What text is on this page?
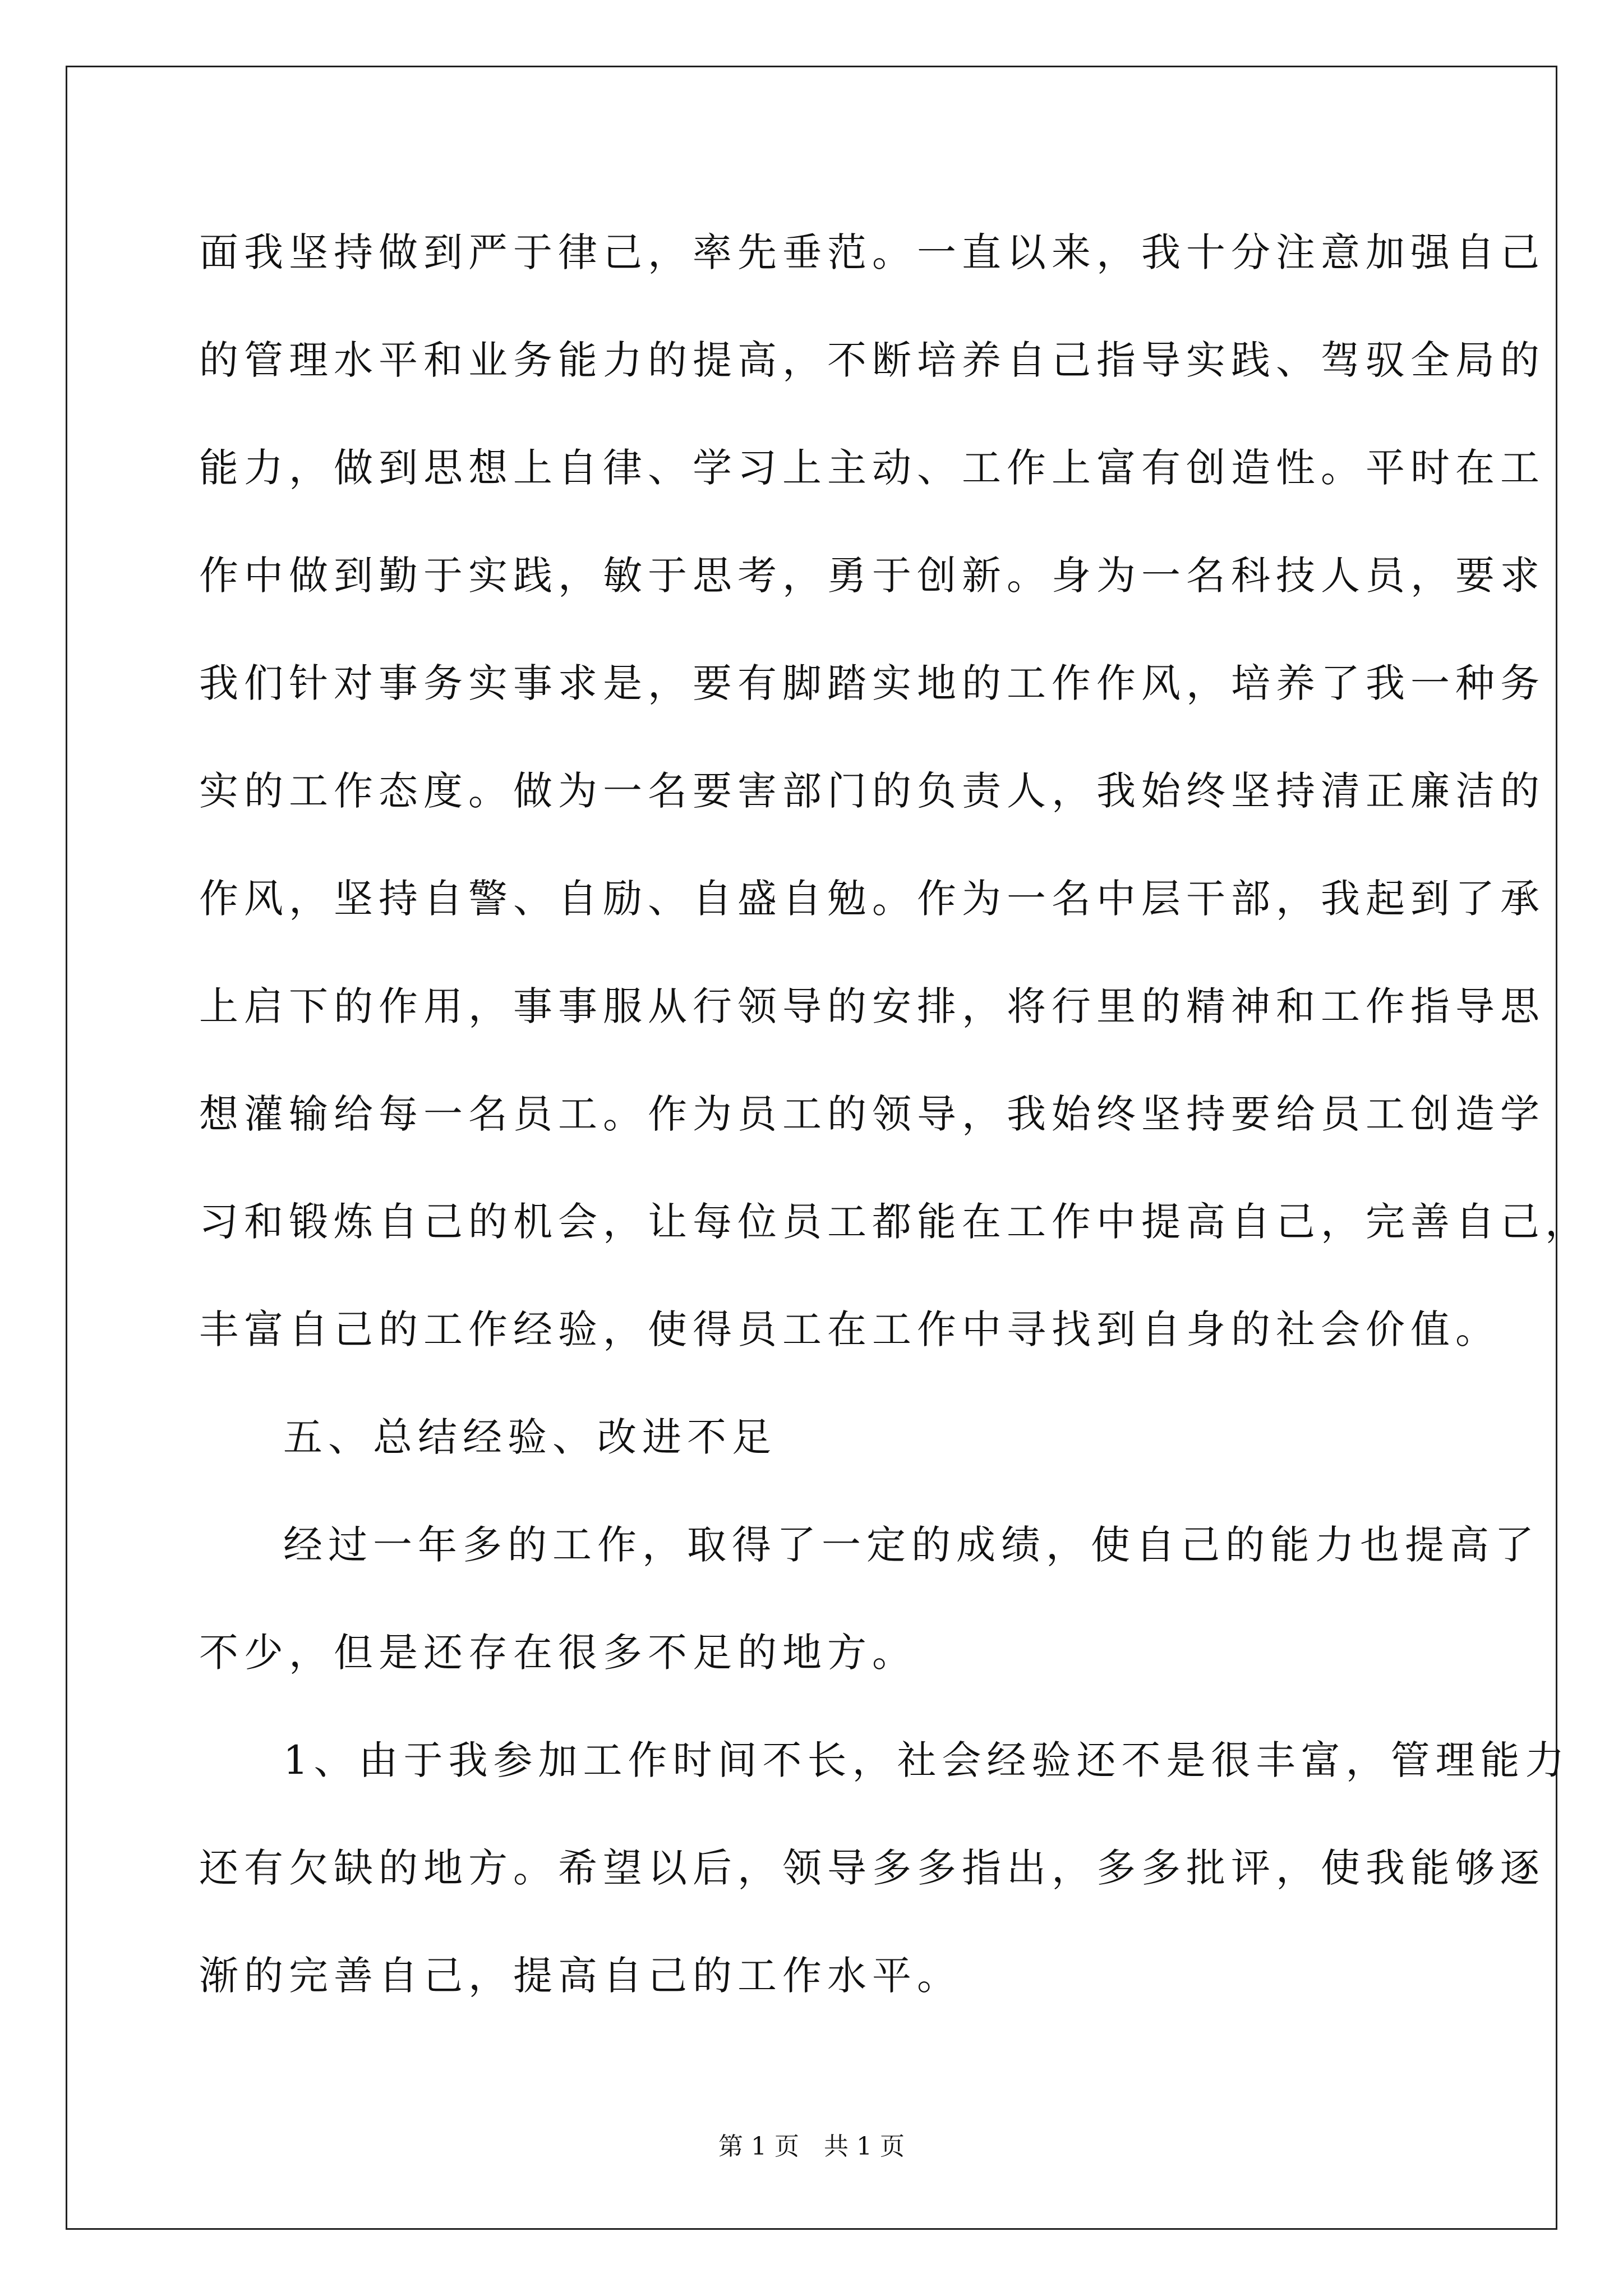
面我坚持做到严于律己，率先垂范。一直以来，我十分注意加强自己
的管理水平和业务能力的提高，不断培养自己指导实践、驾驭全局的
能力，做到思想上自律、学习上主动、工作上富有创造性。平时在工
作中做到勤于实践，敏于思考，勇于创新。身为一名科技人员，要求
我们针对事务实事求是，要有脚踏实地的工作作风，培养了我一种务
实的工作态度。做为一名要害部门的负责人，我始终坚持清正廉洁的
作风，坚持自警、自励、自盛自勉。作为一名中层干部，我起到了承
上启下的作用，事事服从行领导的安排，将行里的精神和工作指导思
想灌输给每一名员工。作为员工的领导，我始终坚持要给员工创造学
习和锻炼自己的机会，让每位员工都能在工作中提高自己，完善自己，
丰富自己的工作经验，使得员工在工作中寻找到自身的社会价值。
五、总结经验、改进不足
经过一年多的工作，取得了一定的成绩，使自己的能力也提高了
不少，但是还存在很多不足的地方。
1、由于我参加工作时间不长，社会经验还不是很丰富，管理能力
还有欠缺的地方。希望以后，领导多多指出，多多批评，使我能够逐
渐的完善自己，提高自己的工作水平。
第 1 页　共 1 页
